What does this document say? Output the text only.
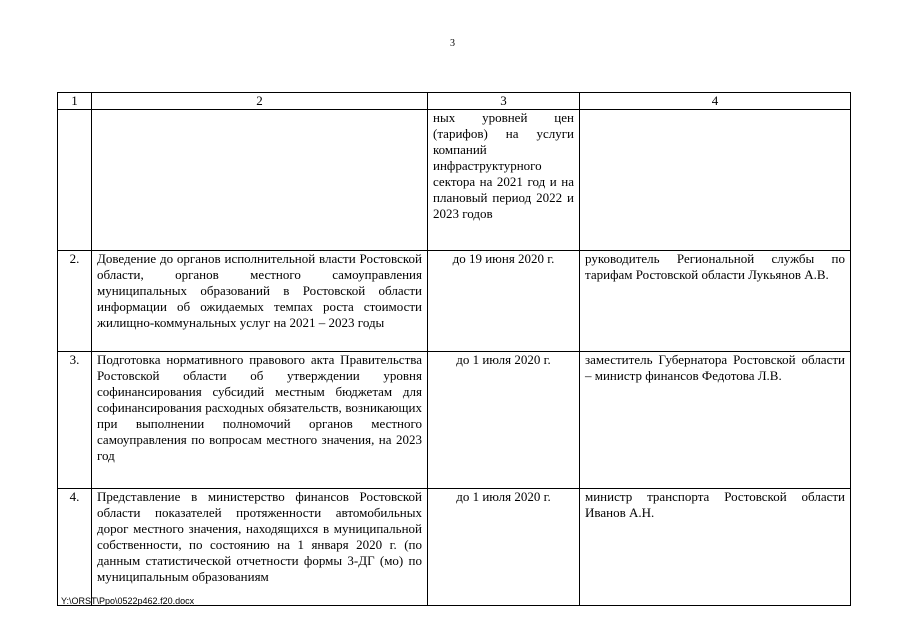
3
1	2	3	4
		ных уровней цен (тарифов) на услуги компаний инфраструктурного сектора на 2021 год и на плановый период 2022 и 2023 годов	
2.	Доведение до органов исполнительной власти Ростовской области, органов местного самоуправления муниципальных образований в Ростовской области информации об ожидаемых темпах роста стоимости жилищно-коммунальных услуг на 2021 – 2023 годы	до 19 июня 2020 г.	руководитель Региональной службы по тарифам Ростовской области Лукьянов А.В.
3.	Подготовка нормативного правового акта Правительства Ростовской области об утверждении уровня софинансирования субсидий местным бюджетам для софинансирования расходных обязательств, возникающих при выполнении полномочий органов местного самоуправления по вопросам местного значения, на 2023 год	до 1 июля 2020 г.	заместитель Губернатора Ростовской области – министр финансов Федотова Л.В.
4.	Представление в министерство финансов Ростовской области показателей протяженности автомобильных дорог местного значения, находящихся в муниципальной собственности, по состоянию на 1 января 2020 г. (по данным статистической отчетности формы 3-ДГ (мо) по муниципальным образованиям	до 1 июля 2020 г.	министр транспорта Ростовской области Иванов А.Н.
Y:\ORST\Ppo\0522p462.f20.docx
